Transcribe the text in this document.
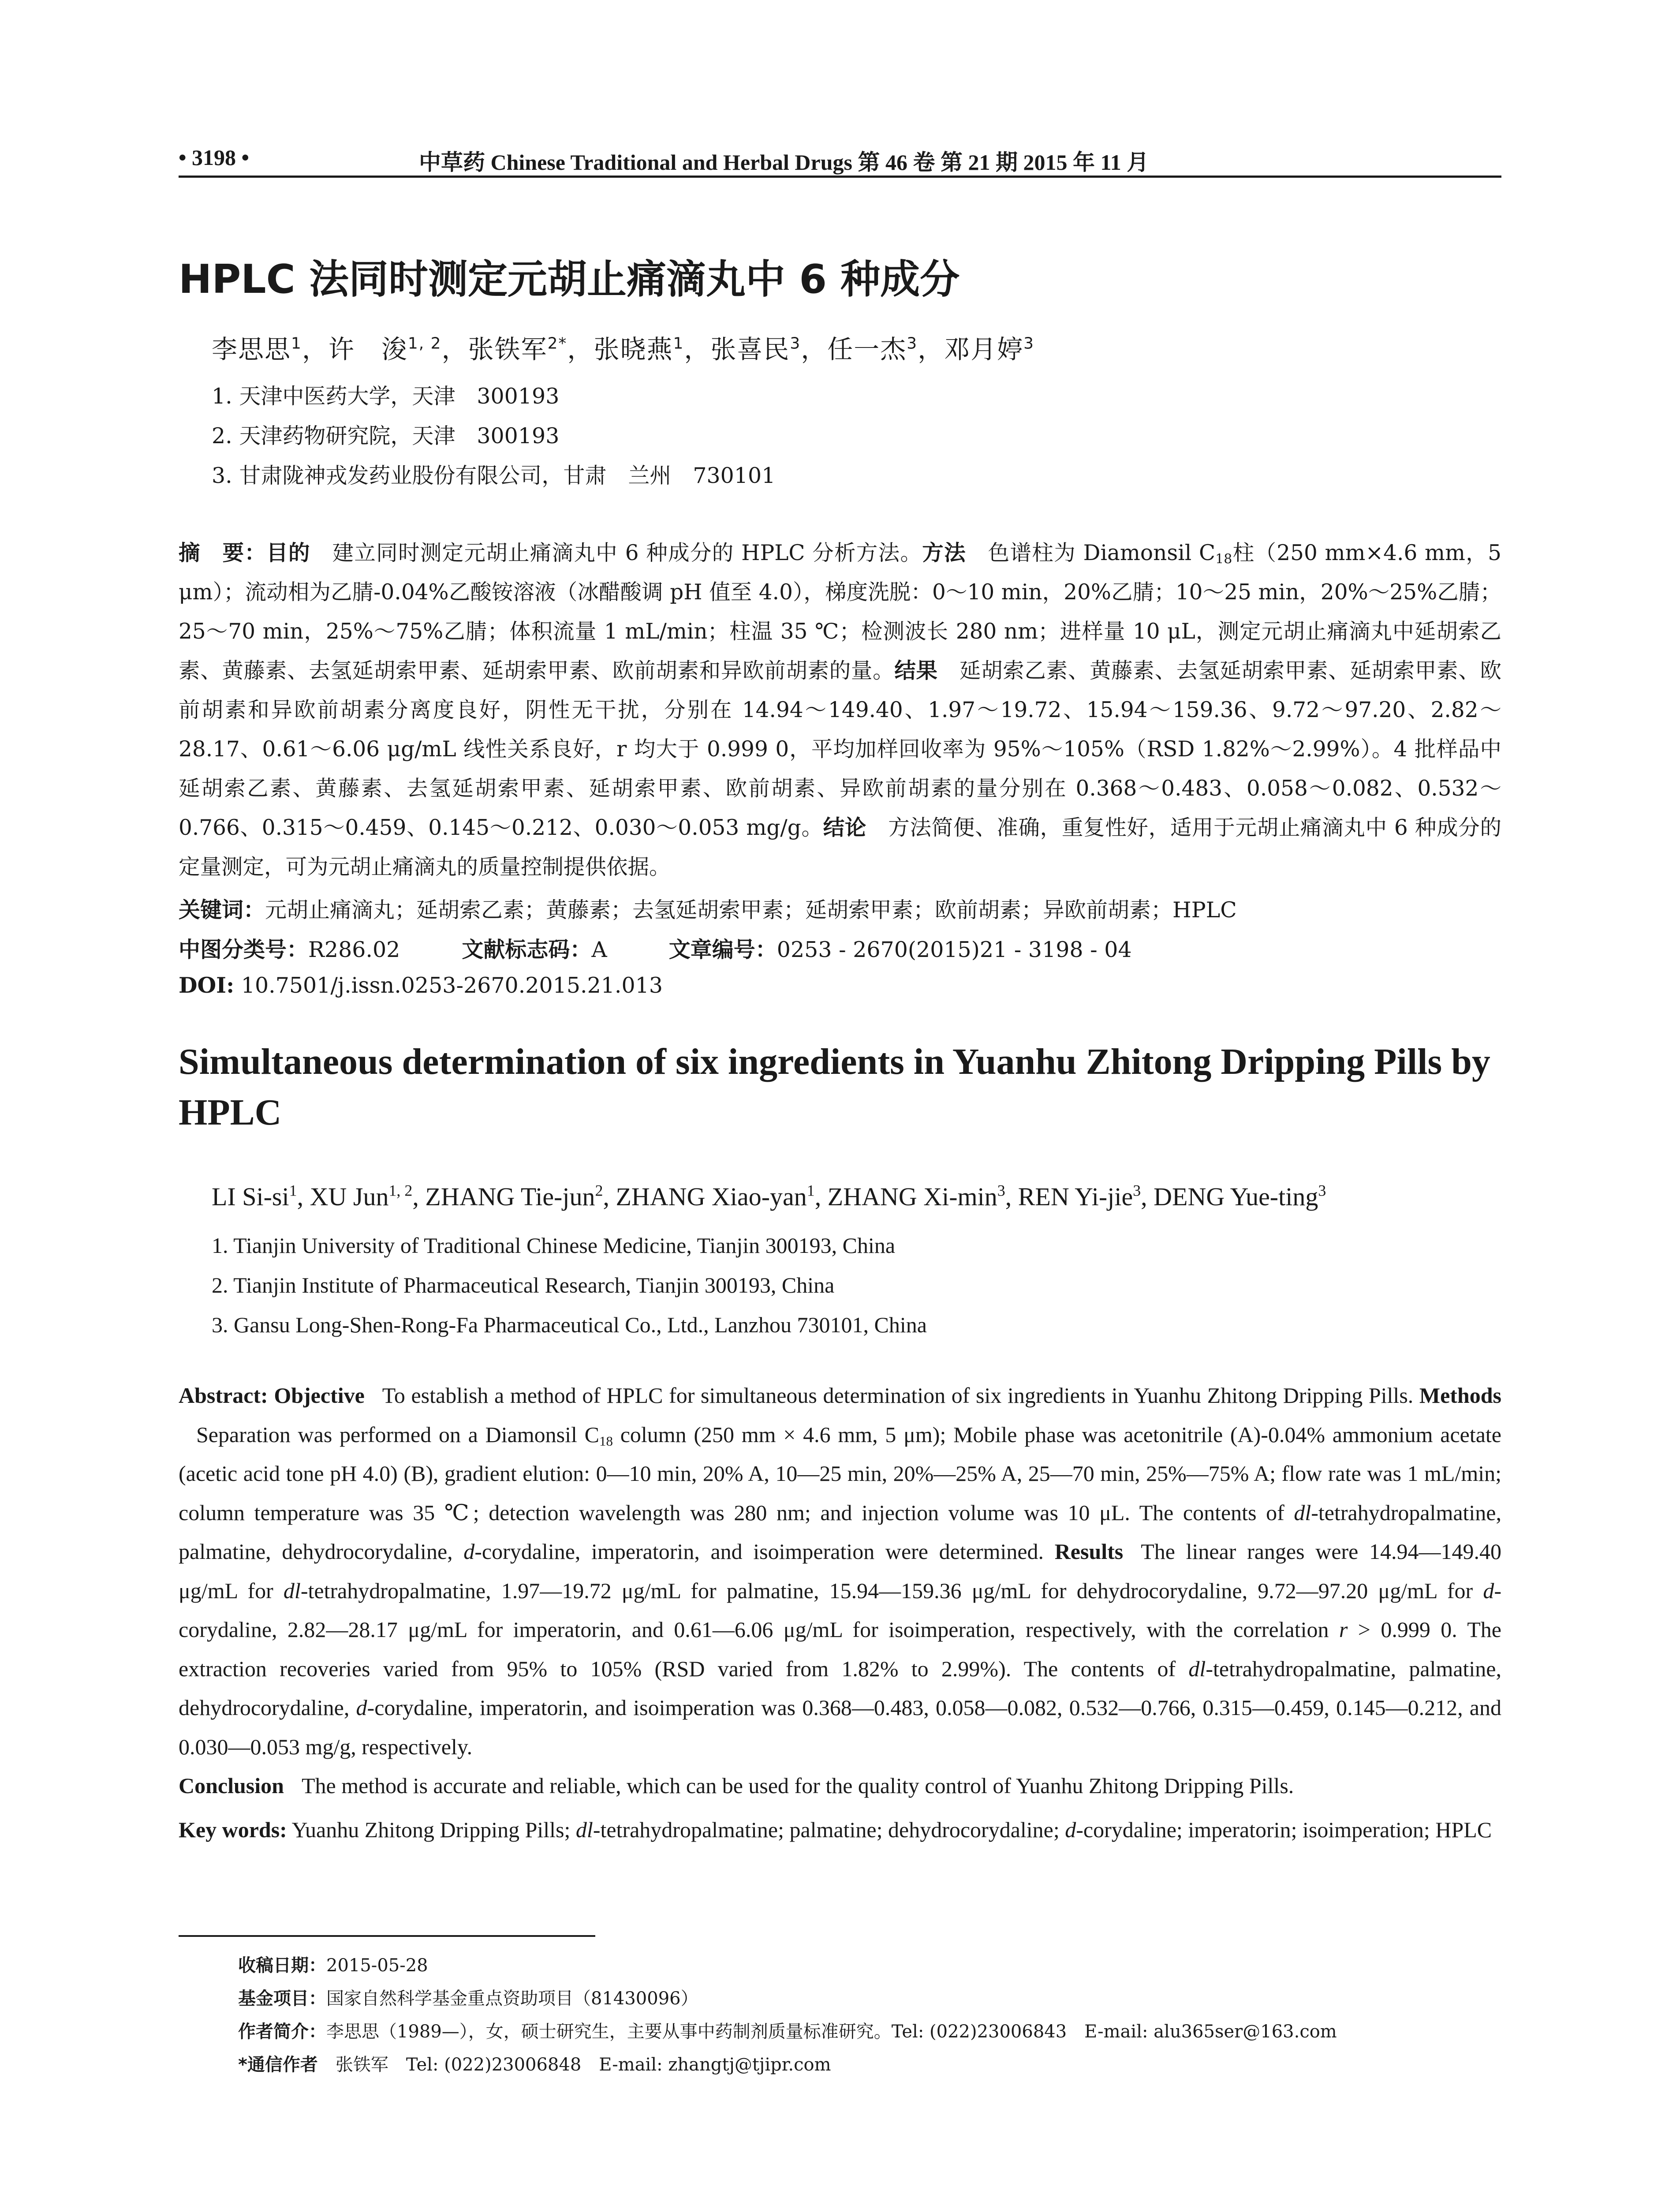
• 3198 •	中草药 Chinese Traditional and Herbal Drugs 第 46 卷 第 21 期 2015 年 11 月
HPLC 法同时测定元胡止痛滴丸中 6 种成分
李思思$^1$，许　浚$^{1, 2}$，张铁军$^{2*}$，张晓燕$^1$，张喜民$^3$，任一杰$^3$，邓月婷$^3$
1. 天津中医药大学，天津　300193
2. 天津药物研究院，天津　300193
3. 甘肃陇神戎发药业股份有限公司，甘肃　兰州　730101
摘　要：目的　建立同时测定元胡止痛滴丸中 6 种成分的 HPLC 分析方法。方法　色谱柱为 Diamonsil $C_{18}$柱（250 mm×4.6 mm，5 μm）；流动相为乙腈-0.04%乙酸铵溶液（冰醋酸调 pH 值至 4.0），梯度洗脱：0～10 min，20%乙腈；10～25 min，20%～25%乙腈；25～70 min，25%～75%乙腈；体积流量 1 mL/min；柱温 35 ℃；检测波长 280 nm；进样量 10 μL，测定元胡止痛滴丸中延胡索乙素、黄藤素、去氢延胡索甲素、延胡索甲素、欧前胡素和异欧前胡素的量。结果　延胡索乙素、黄藤素、去氢延胡索甲素、延胡索甲素、欧前胡素和异欧前胡素分离度良好，阴性无干扰，分别在 14.94～149.40、1.97～19.72、15.94～159.36、9.72～97.20、2.82～28.17、0.61～6.06 μg/mL 线性关系良好，r 均大于 0.999 0，平均加样回收率为 95%～105%（RSD 1.82%～2.99%）。4 批样品中延胡索乙素、黄藤素、去氢延胡索甲素、延胡索甲素、欧前胡素、异欧前胡素的量分别在 0.368～0.483、0.058～0.082、0.532～0.766、0.315～0.459、0.145～0.212、0.030～0.053 mg/g。结论　方法简便、准确，重复性好，适用于元胡止痛滴丸中 6 种成分的定量测定，可为元胡止痛滴丸的质量控制提供依据。
关键词：元胡止痛滴丸；延胡索乙素；黄藤素；去氢延胡索甲素；延胡索甲素；欧前胡素；异欧前胡素；HPLC
中图分类号：R286.02	文献标志码：A	文章编号：0253 - 2670(2015)21 - 3198 - 04
DOI: 10.7501/j.issn.0253-2670.2015.21.013
Simultaneous determination of six ingredients in Yuanhu Zhitong Dripping Pills by HPLC
LI $Si-si^1$, XU Jun$^{1, 2}$, ZHANG Tie-jun$^2$, ZHANG Xiao-yan$^1$, ZHANG $Xi-\min^3$, REN Yi-jie$^3$, DENG Yue-ting$^3$
1. Tianjin University of Traditional Chinese Medicine, Tianjin 300193, China
2. Tianjin Institute of Pharmaceutical Research, Tianjin 300193, China
3. Gansu Long-Shen-Rong-Fa Pharmaceutical Co., Ltd., Lanzhou 730101, China
Abstract: Objective To establish a method of HPLC for simultaneous determination of six ingredients in Yuanhu Zhitong Dripping Pills. MethodsSeparation was performed on a Diamonsil $C_{18}$ column (250 mm × 4.6 mm, 5 μm); Mobile phase was acetonitrile (A)-0.04% ammonium acetate (acetic acid tone pH 4.0) (B), gradient elution: 0—10 min, 20% A, 10—25 min, 20%—25% A, 25—70 min, 25%—75% A; flow rate was 1 mL/min; column temperature was 35 ℃; detection wavelength was 280 nm; and injection volume was 10 μL. The contents of dl-tetrahydropalmatine, palmatine, dehydrocorydaline, d-corydaline, imperatorin, and isoimperation were determined. Results The linear ranges were 14.94—149.40 μg/mL for dl-tetrahydropalmatine, 1.97—19.72 μg/mL for palmatine, 15.94—159.36 μg/mL for dehydrocorydaline, 9.72—97.20 μg/mL for d-corydaline, 2.82—28.17 μg/mL for imperatorin, and 0.61—6.06 μg/mL for isoimperation, respectively, with the correlation r > 0.999 0. The extraction recoveries varied from 95% to 105% (RSD varied from 1.82% to 2.99%). The contents of dl-tetrahydropalmatine, palmatine, dehydrocorydaline, d-corydaline, imperatorin, and isoimperation was 0.368—0.483, 0.058—0.082, 0.532—0.766, 0.315—0.459, 0.145—0.212, and 0.030—0.053 mg/g, respectively.
Conclusion The method is accurate and reliable, which can be used for the quality control of Yuanhu Zhitong Dripping Pills.
Key words: Yuanhu Zhitong Dripping Pills; dl-tetrahydropalmatine; palmatine; dehydrocorydaline; d-corydaline; imperatorin; isoimperation; HPLC
收稿日期：2015-05-28
基金项目：国家自然科学基金重点资助项目（81430096）
作者简介：李思思（1989—），女，硕士研究生，主要从事中药制剂质量标准研究。Tel: (022)23006843　E-mail: alu365ser@163.com
*通信作者　张铁军　Tel: (022)23006848　E-mail: zhangtj@tjipr.com
